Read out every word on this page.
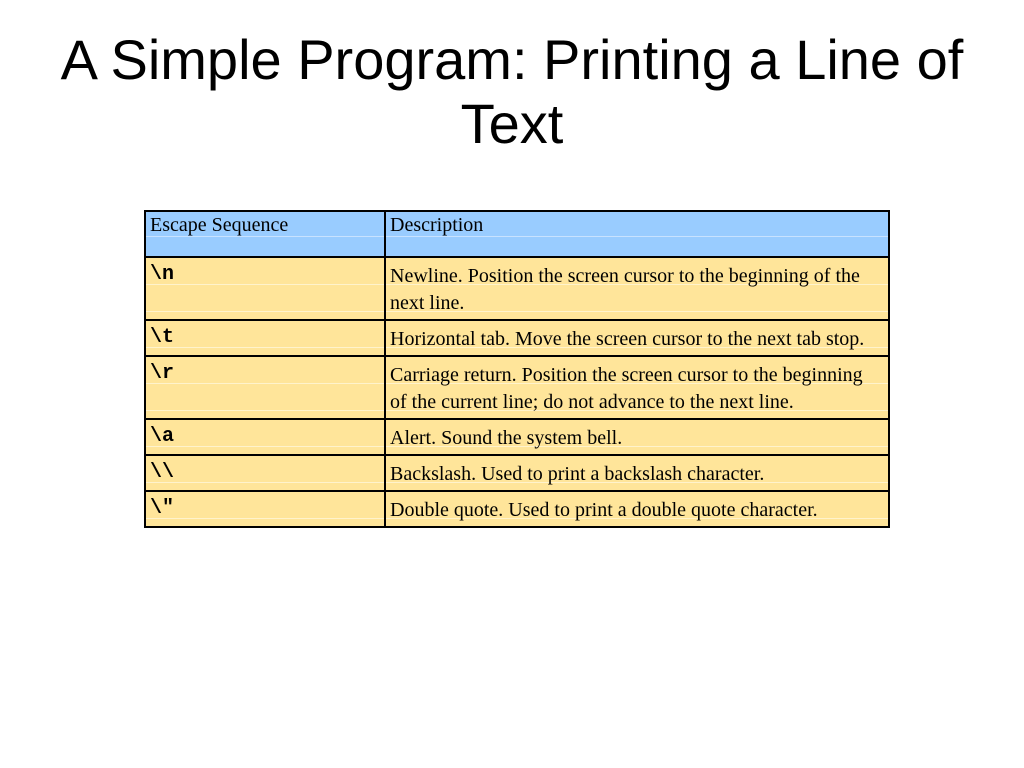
A Simple Program: Printing a Line of Text
Escape Sequence	Description

\n	Newline. Position the screen cursor to the beginning of the next line.

\t	Horizontal tab. Move the screen cursor to the next tab stop.

\r	Carriage return. Position the screen cursor to the beginning of the current line; do not advance to the next line.

\a	Alert. Sound the system bell.

\\	Backslash. Used to print a backslash character.

\"	Double quote. Used to print a double quote character.
